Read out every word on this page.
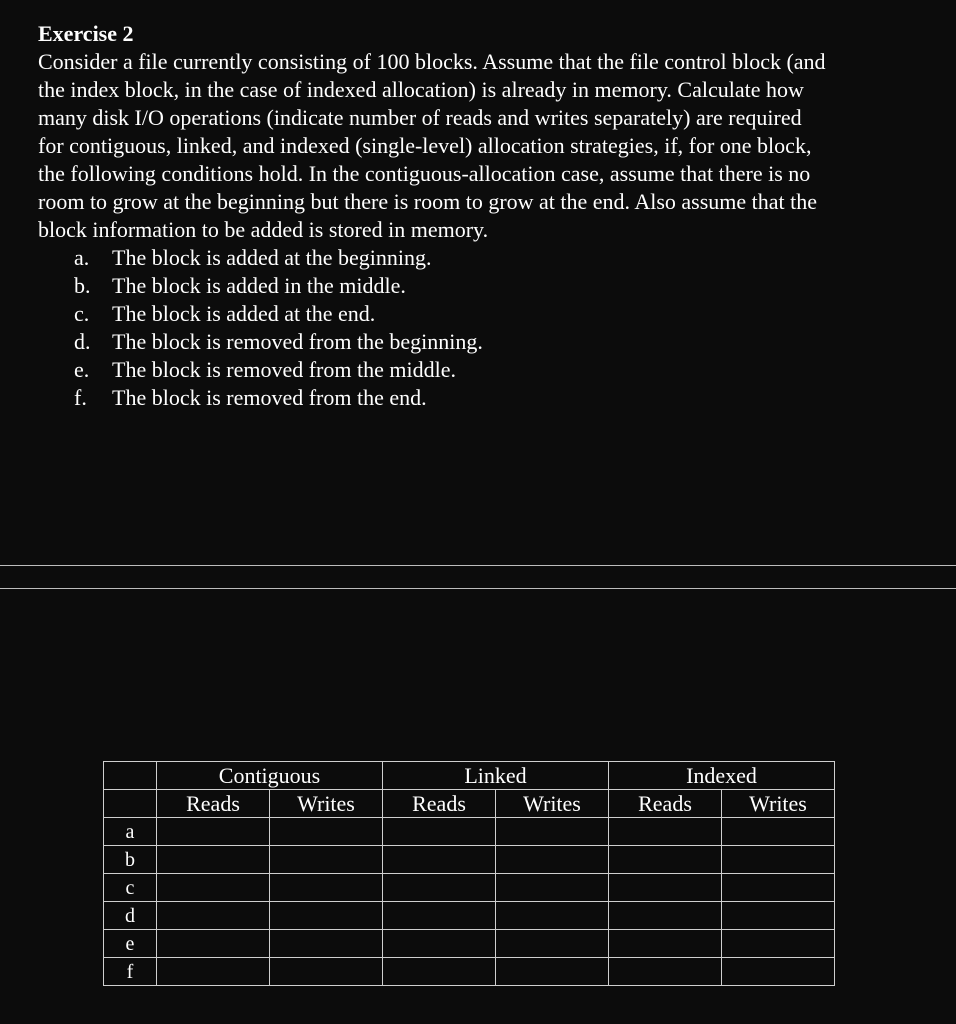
Exercise 2
Consider a file currently consisting of 100 blocks. Assume that the file control block (and
the index block, in the case of indexed allocation) is already in memory. Calculate how
many disk I/O operations (indicate number of reads and writes separately) are required
for contiguous, linked, and indexed (single-level) allocation strategies, if, for one block,
the following conditions hold. In the contiguous-allocation case, assume that there is no
room to grow at the beginning but there is room to grow at the end. Also assume that the
block information to be added is stored in memory.
a.	The block is added at the beginning.
b. The block is added in the middle.
c.	The block is added at the end.
d. The block is removed from the beginning.
e.	The block is removed from the middle.
f.	The block is removed from the end.
	Contiguous		Linked		Indexed	
	Reads	Writes	Reads	Writes	Reads	Writes
a						
b						
c						
d						
e						
f						
